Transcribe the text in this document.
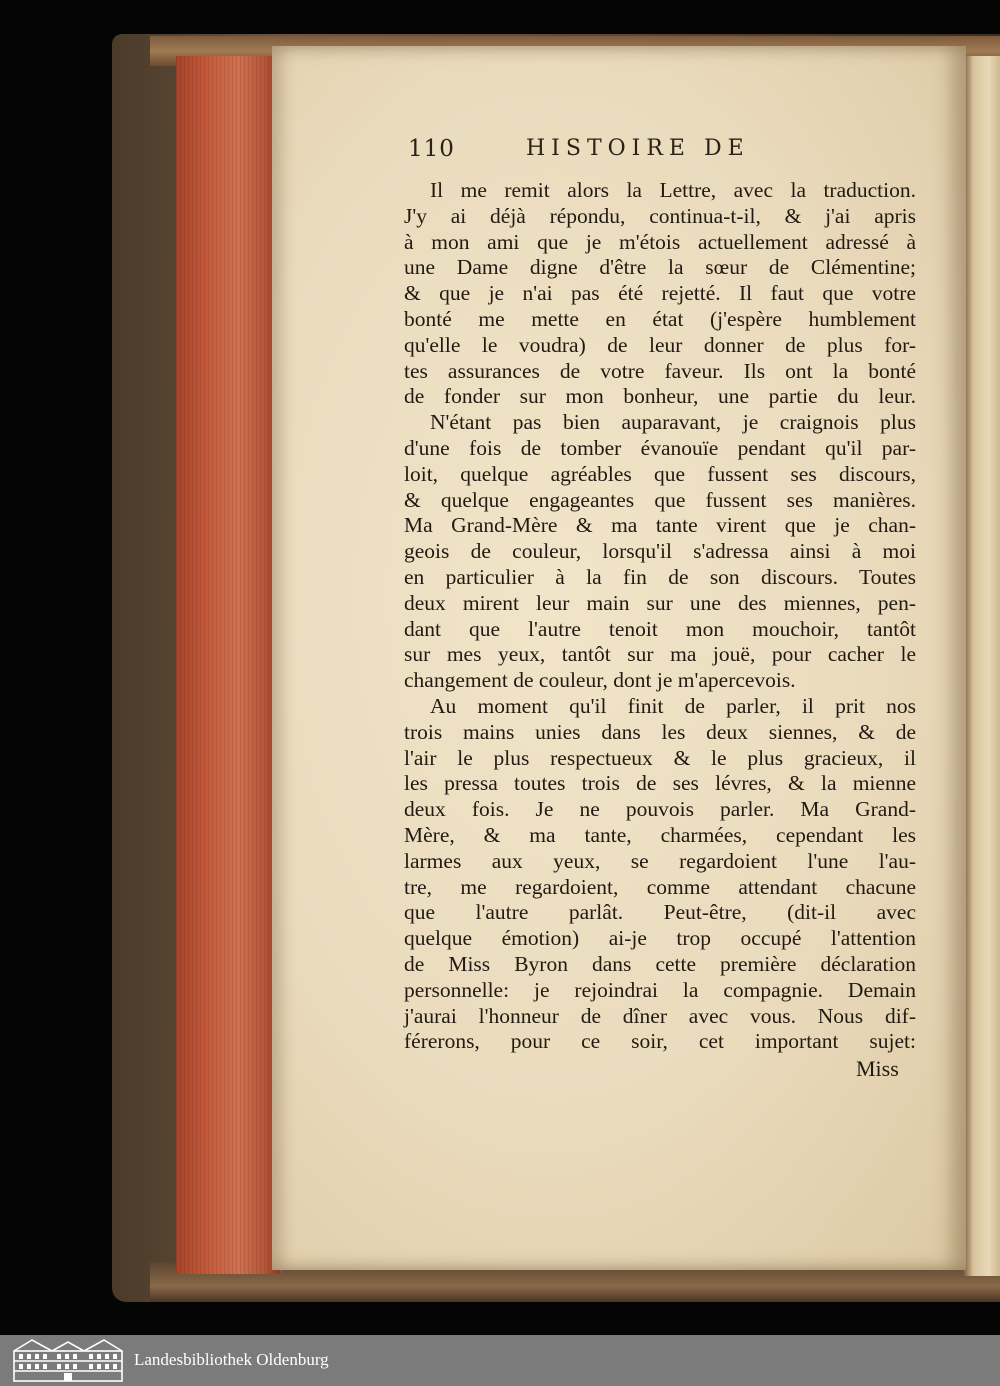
110	HISTOIRE DE
Il me remit alors la Lettre, avec la traduction.
J'y ai déjà répondu, continua-t-il, & j'ai apris
à mon ami que je m'étois actuellement adressé à
une Dame digne d'être la sœur de Clémentine;
& que je n'ai pas été rejetté. Il faut que votre
bonté me mette en état (j'espère humblement
qu'elle le voudra) de leur donner de plus for-
tes assurances de votre faveur. Ils ont la bonté
de fonder sur mon bonheur, une partie du leur.
N'étant pas bien auparavant, je craignois plus
d'une fois de tomber évanouïe pendant qu'il par-
loit, quelque agréables que fussent ses discours,
& quelque engageantes que fussent ses manières.
Ma Grand-Mère & ma tante virent que je chan-
geois de couleur, lorsqu'il s'adressa ainsi à moi
en particulier à la fin de son discours. Toutes
deux mirent leur main sur une des miennes, pen-
dant que l'autre tenoit mon mouchoir, tantôt
sur mes yeux, tantôt sur ma jouë, pour cacher le
changement de couleur, dont je m'apercevois.
Au moment qu'il finit de parler, il prit nos
trois mains unies dans les deux siennes, & de
l'air le plus respectueux & le plus gracieux, il
les pressa toutes trois de ses lévres, & la mienne
deux fois. Je ne pouvois parler. Ma Grand-
Mère, & ma tante, charmées, cependant les
larmes aux yeux, se regardoient l'une l'au-
tre, me regardoient, comme attendant chacune
que l'autre parlât. Peut-être, (dit-il avec
quelque émotion) ai-je trop occupé l'attention
de Miss Byron dans cette première déclaration
personnelle: je rejoindrai la compagnie. Demain
j'aurai l'honneur de dîner avec vous. Nous dif-
férerons, pour ce soir, cet important sujet:
Miss
Landesbibliothek Oldenburg
